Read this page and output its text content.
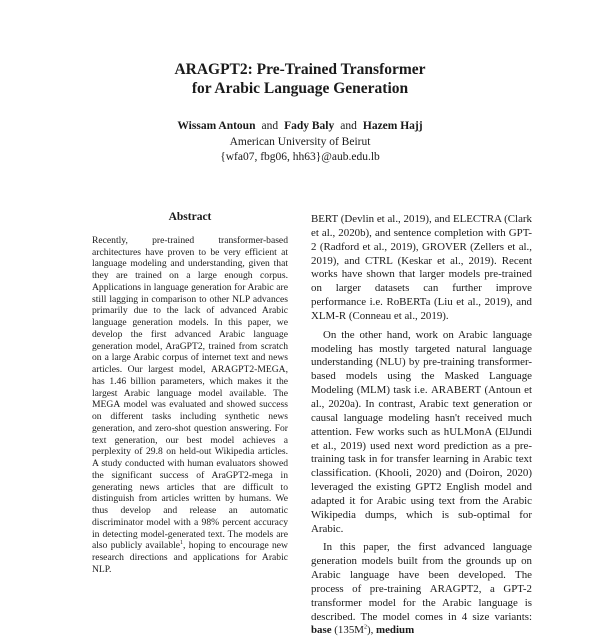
ARAGPT2: Pre-Trained Transformer
for Arabic Language Generation
Wissam Antoun and Fady Baly and Hazem Hajj
American University of Beirut
{wfa07, fbg06, hh63}@aub.edu.lb
Abstract

Recently, pre-trained transformer-based architectures have proven to be very efficient at language modeling and understanding, given that they are trained on a large enough corpus. Applications in language generation for Arabic are still lagging in comparison to other NLP advances primarily due to the lack of advanced Arabic language generation models. In this paper, we develop the first advanced Arabic language generation model, AraGPT2, trained from scratch on a large Arabic corpus of internet text and news articles. Our largest model, ARAGPT2-MEGA, has 1.46 billion parameters, which makes it the largest Arabic language model available. The MEGA model was evaluated and showed success on different tasks including synthetic news generation, and zero-shot question answering. For text generation, our best model achieves a perplexity of 29.8 on held-out Wikipedia articles. A study conducted with human evaluators showed the significant success of AraGPT2-mega in generating news articles that are difficult to distinguish from articles written by humans. We thus develop and release an automatic discriminator model with a 98% percent accuracy in detecting model-generated text. The models are also publicly available$^1$, hoping to encourage new research directions and applications for Arabic NLP.

BERT (Devlin et al., 2019), and ELECTRA (Clark et al., 2020b), and sentence completion with GPT-2 (Radford et al., 2019), GROVER (Zellers et al., 2019), and CTRL (Keskar et al., 2019). Recent works have shown that larger models pre-trained on larger datasets can further improve performance i.e. RoBERTa (Liu et al., 2019), and XLM-R (Conneau et al., 2019).

On the other hand, work on Arabic language modeling has mostly targeted natural language understanding (NLU) by pre-training transformer-based models using the Masked Language Modeling (MLM) task i.e. ARABERT (Antoun et al., 2020a). In contrast, Arabic text generation or causal language modeling hasn't received much attention. Few works such as hULMonA (ElJundi et al., 2019) used next word prediction as a pre-training task in for transfer learning in Arabic text classification. (Khooli, 2020) and (Doiron, 2020) leveraged the existing GPT2 English model and adapted it for Arabic using text from the Arabic Wikipedia dumps, which is sub-optimal for Arabic.

In this paper, the first advanced language generation models built from the grounds up on Arabic language have been developed. The process of pre-training ARAGPT2, a GPT-2 transformer model for the Arabic language is described. The model comes in 4 size variants: base $(135M^2)$, medium
